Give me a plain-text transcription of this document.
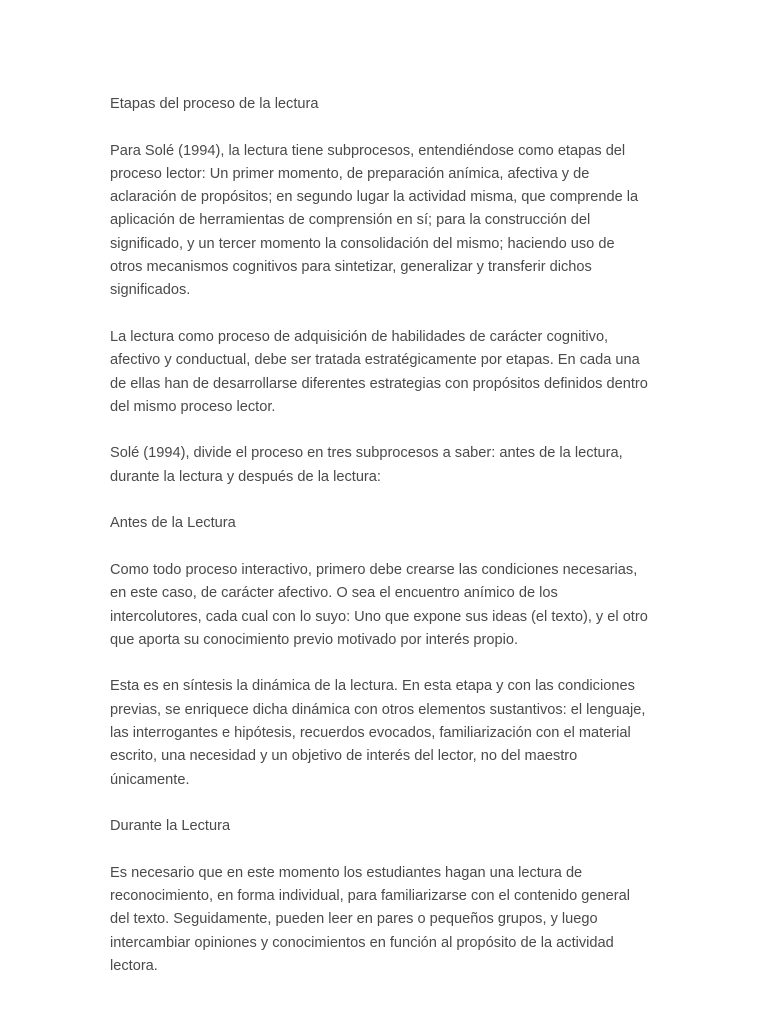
Etapas del proceso de la lectura

Para Solé (1994), la lectura tiene subprocesos, entendiéndose como etapas del proceso lector: Un primer momento, de preparación anímica, afectiva y de aclaración de propósitos; en segundo lugar la actividad misma, que comprende la aplicación de herramientas de comprensión en sí; para la construcción del significado, y un tercer momento la consolidación del mismo; haciendo uso de otros mecanismos cognitivos para sintetizar, generalizar y transferir dichos significados.

La lectura como proceso de adquisición de habilidades de carácter cognitivo, afectivo y conductual, debe ser tratada estratégicamente por etapas. En cada una de ellas han de desarrollarse diferentes estrategias con propósitos definidos dentro del mismo proceso lector.

Solé (1994), divide el proceso en tres subprocesos a saber: antes de la lectura, durante la lectura y después de la lectura:

Antes de la Lectura

Como todo proceso interactivo, primero debe crearse las condiciones necesarias, en este caso, de carácter afectivo. O sea el encuentro anímico de los intercolutores, cada cual con lo suyo: Uno que expone sus ideas (el texto), y el otro que aporta su conocimiento previo motivado por interés propio.

Esta es en síntesis la dinámica de la lectura. En esta etapa y con las condiciones previas, se enriquece dicha dinámica con otros elementos sustantivos: el lenguaje, las interrogantes e hipótesis, recuerdos evocados, familiarización con el material escrito, una necesidad y un objetivo de interés del lector, no del maestro únicamente.

Durante la Lectura

Es necesario que en este momento los estudiantes hagan una lectura de reconocimiento, en forma individual, para familiarizarse con el contenido general del texto. Seguidamente, pueden leer en pares o pequeños grupos, y luego intercambiar opiniones y conocimientos en función al propósito de la actividad lectora.
